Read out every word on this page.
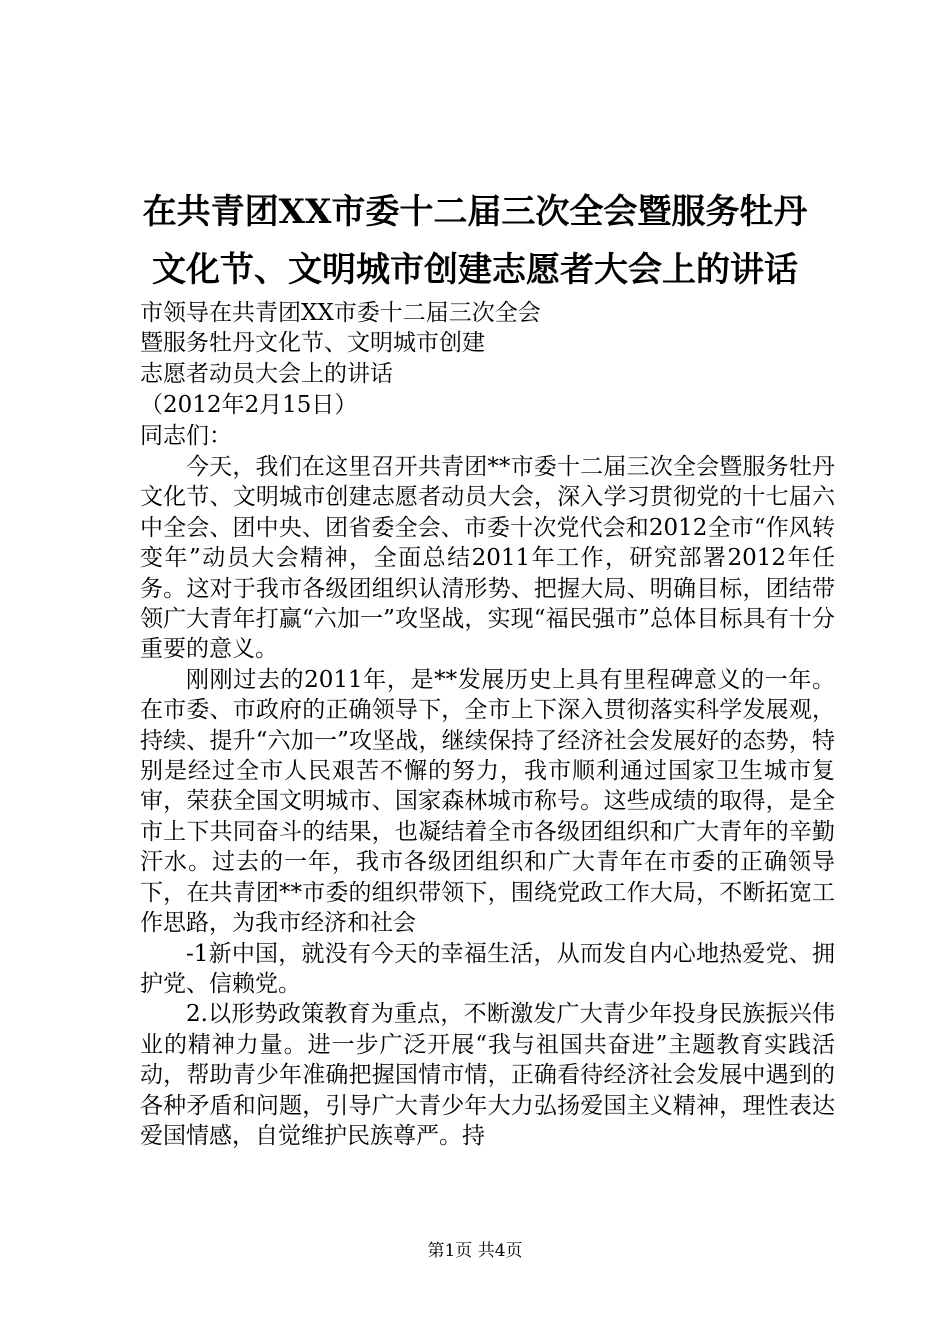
在共青团XX市委十二届三次全会暨服务牡丹
文化节、文明城市创建志愿者大会上的讲话
市领导在共青团XX市委十二届三次全会
暨服务牡丹文化节、文明城市创建
志愿者动员大会上的讲话
（2012年2月15日）
同志们：

今天，我们在这里召开共青团**市委十二届三次全会暨服务牡丹文化节、文明城市创建志愿者动员大会，深入学习贯彻党的十七届六中全会、团中央、团省委全会、市委十次党代会和2012全市“作风转变年”动员大会精神，全面总结2011年工作，研究部署2012年任务。这对于我市各级团组织认清形势、把握大局、明确目标，团结带领广大青年打赢“六加一”攻坚战，实现“福民强市”总体目标具有十分重要的意义。

刚刚过去的2011年，是**发展历史上具有里程碑意义的一年。在市委、市政府的正确领导下，全市上下深入贯彻落实科学发展观，持续、提升“六加一”攻坚战，继续保持了经济社会发展好的态势，特别是经过全市人民艰苦不懈的努力，我市顺利通过国家卫生城市复审，荣获全国文明城市、国家森林城市称号。这些成绩的取得，是全市上下共同奋斗的结果，也凝结着全市各级团组织和广大青年的辛勤汗水。过去的一年，我市各级团组织和广大青年在市委的正确领导下，在共青团**市委的组织带领下，围绕党政工作大局，不断拓宽工作思路，为我市经济和社会

-1新中国，就没有今天的幸福生活，从而发自内心地热爱党、拥护党、信赖党。

2.以形势政策教育为重点，不断激发广大青少年投身民族振兴伟业的精神力量。进一步广泛开展“我与祖国共奋进”主题教育实践活动，帮助青少年准确把握国情市情，正确看待经济社会发展中遇到的各种矛盾和问题，引导广大青少年大力弘扬爱国主义精神，理性表达爱国情感，自觉维护民族尊严。持

第1页 共4页
